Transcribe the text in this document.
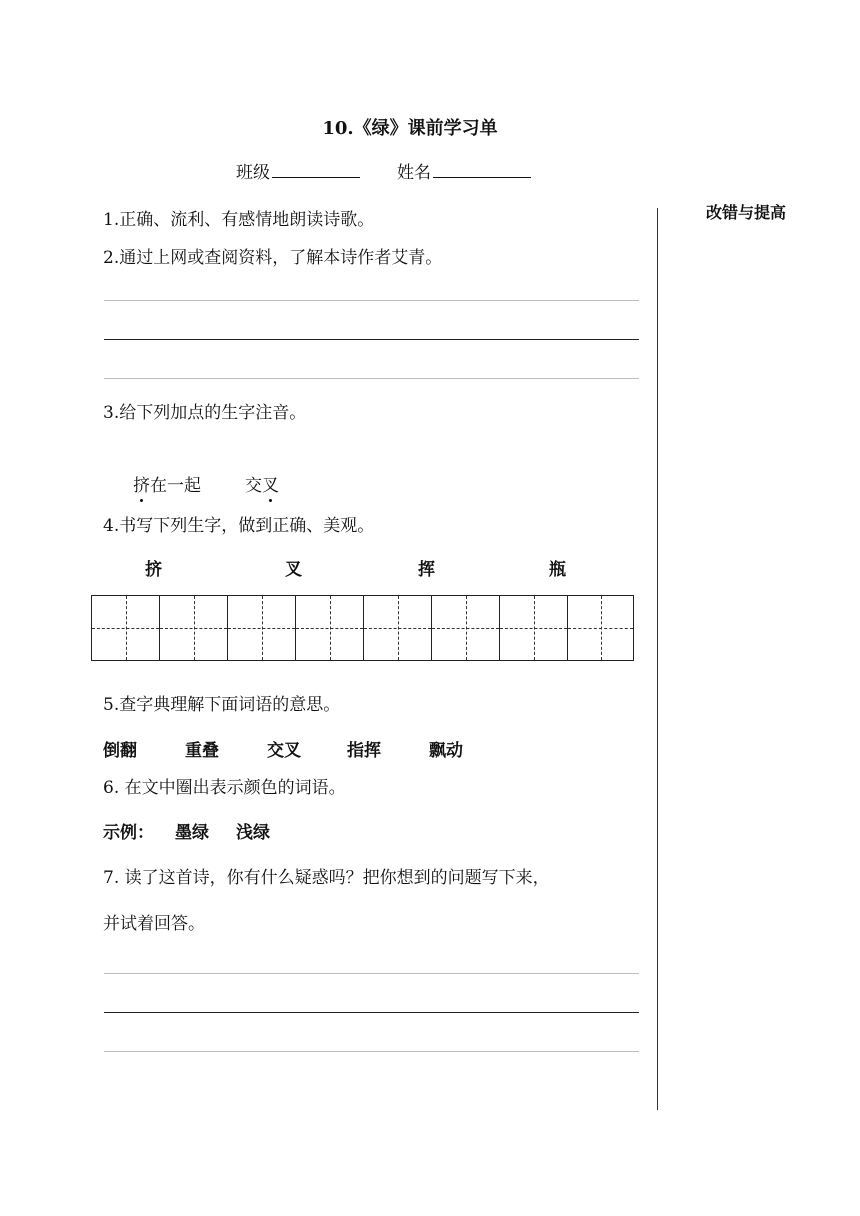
10.《绿》课前学习单
班级	姓名
改错与提高
1.正确、流利、有感情地朗读诗歌。
2.通过上网或查阅资料，了解本诗作者艾青。
3.给下列加点的生字注音。
挤在一起	交叉
4.书写下列生字，做到正确、美观。
挤	叉	挥	瓶
5.查字典理解下面词语的意思。
倒翻	重叠	交叉	指挥	飘动
6. 在文中圈出表示颜色的词语。
示例： 墨绿 浅绿
7. 读了这首诗，你有什么疑惑吗？把你想到的问题写下来，
并试着回答。
